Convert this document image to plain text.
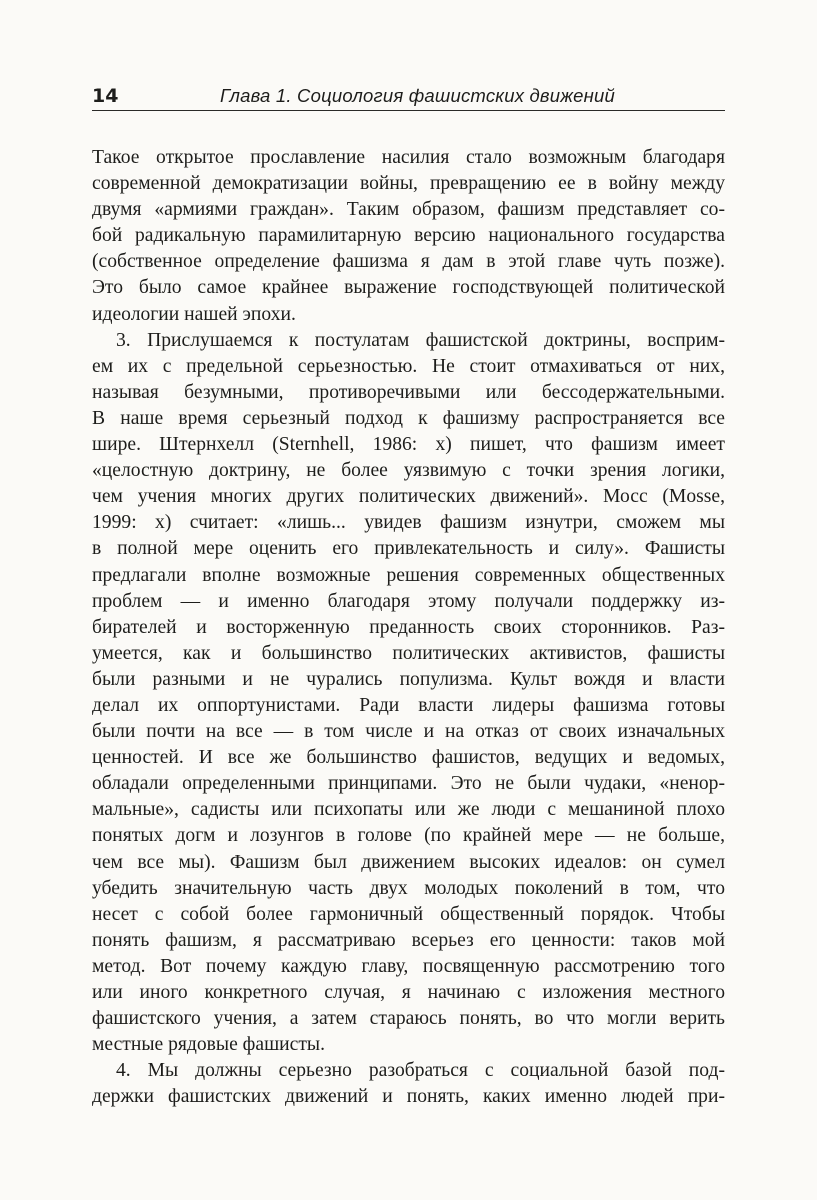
14	Глава 1. Социология фашистских движений
Такое открытое прославление насилия стало возможным благодаря
современной демократизации войны, превращению ее в войну между
двумя «армиями граждан». Таким образом, фашизм представляет со-
бой радикальную парамилитарную версию национального государства
(собственное определение фашизма я дам в этой главе чуть позже).
Это было самое крайнее выражение господствующей политической
идеологии нашей эпохи.
3. Прислушаемся к постулатам фашистской доктрины, восприм-
ем их с предельной серьезностью. Не стоит отмахиваться от них,
называя безумными, противоречивыми или бессодержательными.
В наше время серьезный подход к фашизму распространяется все
шире. Штернхелл (Sternhell, 1986: x) пишет, что фашизм имеет
«целостную доктрину, не более уязвимую с точки зрения логики,
чем учения многих других политических движений». Мосс (Mosse,
1999: x) считает: «лишь... увидев фашизм изнутри, сможем мы
в полной мере оценить его привлекательность и силу». Фашисты
предлагали вполне возможные решения современных общественных
проблем — и именно благодаря этому получали поддержку из-
бирателей и восторженную преданность своих сторонников. Раз-
умеется, как и большинство политических активистов, фашисты
были разными и не чурались популизма. Культ вождя и власти
делал их оппортунистами. Ради власти лидеры фашизма готовы
были почти на все — в том числе и на отказ от своих изначальных
ценностей. И все же большинство фашистов, ведущих и ведомых,
обладали определенными принципами. Это не были чудаки, «ненор-
мальные», садисты или психопаты или же люди с мешаниной плохо
понятых догм и лозунгов в голове (по крайней мере — не больше,
чем все мы). Фашизм был движением высоких идеалов: он сумел
убедить значительную часть двух молодых поколений в том, что
несет с собой более гармоничный общественный порядок. Чтобы
понять фашизм, я рассматриваю всерьез его ценности: таков мой
метод. Вот почему каждую главу, посвященную рассмотрению того
или иного конкретного случая, я начинаю с изложения местного
фашистского учения, а затем стараюсь понять, во что могли верить
местные рядовые фашисты.
4. Мы должны серьезно разобраться с социальной базой под-
держки фашистских движений и понять, каких именно людей при-
